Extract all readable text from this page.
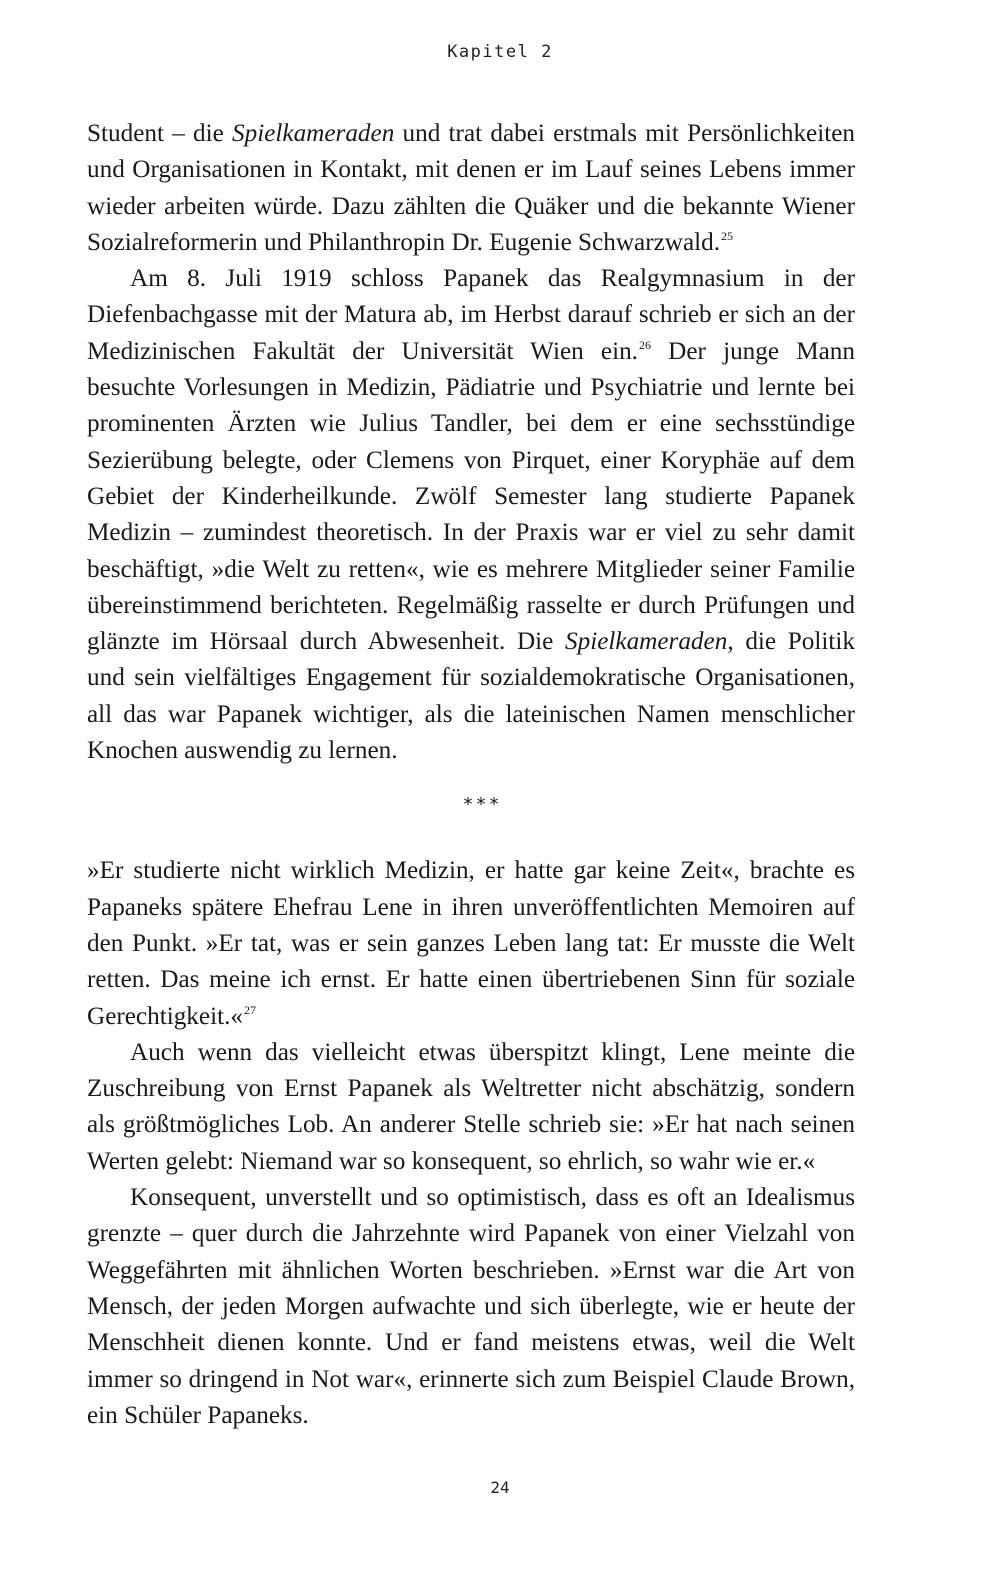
Kapitel 2

Student – die Spielkameraden und trat dabei erstmals mit Persönlichkeiten und Organisationen in Kontakt, mit denen er im Lauf seines Lebens immer wieder arbeiten würde. Dazu zählten die Quäker und die bekannte Wiener Sozialreformerin und Philanthropin Dr. Eugenie Schwarzwald.$^{25}$

Am 8. Juli 1919 schloss Papanek das Realgymnasium in der Diefenbachgasse mit der Matura ab, im Herbst darauf schrieb er sich an der Medizinischen Fakultät der Universität Wien ein.$^{26}$ Der junge Mann besuchte Vorlesungen in Medizin, Pädiatrie und Psychiatrie und lernte bei prominenten Ärzten wie Julius Tandler, bei dem er eine sechsstündige Sezierübung belegte, oder Clemens von Pirquet, einer Koryphäe auf dem Gebiet der Kinderheilkunde. Zwölf Semester lang studierte Papanek Medizin – zumindest theoretisch. In der Praxis war er viel zu sehr damit beschäftigt, »die Welt zu retten«, wie es mehrere Mitglieder seiner Familie übereinstimmend berichteten. Regelmäßig rasselte er durch Prüfungen und glänzte im Hörsaal durch Abwesenheit. Die Spielkameraden, die Politik und sein vielfältiges Engagement für sozialdemokratische Organisationen, all das war Papanek wichtiger, als die lateinischen Namen menschlicher Knochen auswendig zu lernen.

***

»Er studierte nicht wirklich Medizin, er hatte gar keine Zeit«, brachte es Papaneks spätere Ehefrau Lene in ihren unveröffentlichten Memoiren auf den Punkt. »Er tat, was er sein ganzes Leben lang tat: Er musste die Welt retten. Das meine ich ernst. Er hatte einen übertriebenen Sinn für soziale Gerechtigkeit.«$^{27}$

Auch wenn das vielleicht etwas überspitzt klingt, Lene meinte die Zuschreibung von Ernst Papanek als Weltretter nicht abschätzig, sondern als größtmögliches Lob. An anderer Stelle schrieb sie: »Er hat nach seinen Werten gelebt: Niemand war so konsequent, so ehrlich, so wahr wie er.«

Konsequent, unverstellt und so optimistisch, dass es oft an Idealismus grenzte – quer durch die Jahrzehnte wird Papanek von einer Vielzahl von Weggefährten mit ähnlichen Worten beschrieben. »Ernst war die Art von Mensch, der jeden Morgen aufwachte und sich überlegte, wie er heute der Menschheit dienen konnte. Und er fand meistens etwas, weil die Welt immer so dringend in Not war«, erinnerte sich zum Beispiel Claude Brown, ein Schüler Papaneks.

24
